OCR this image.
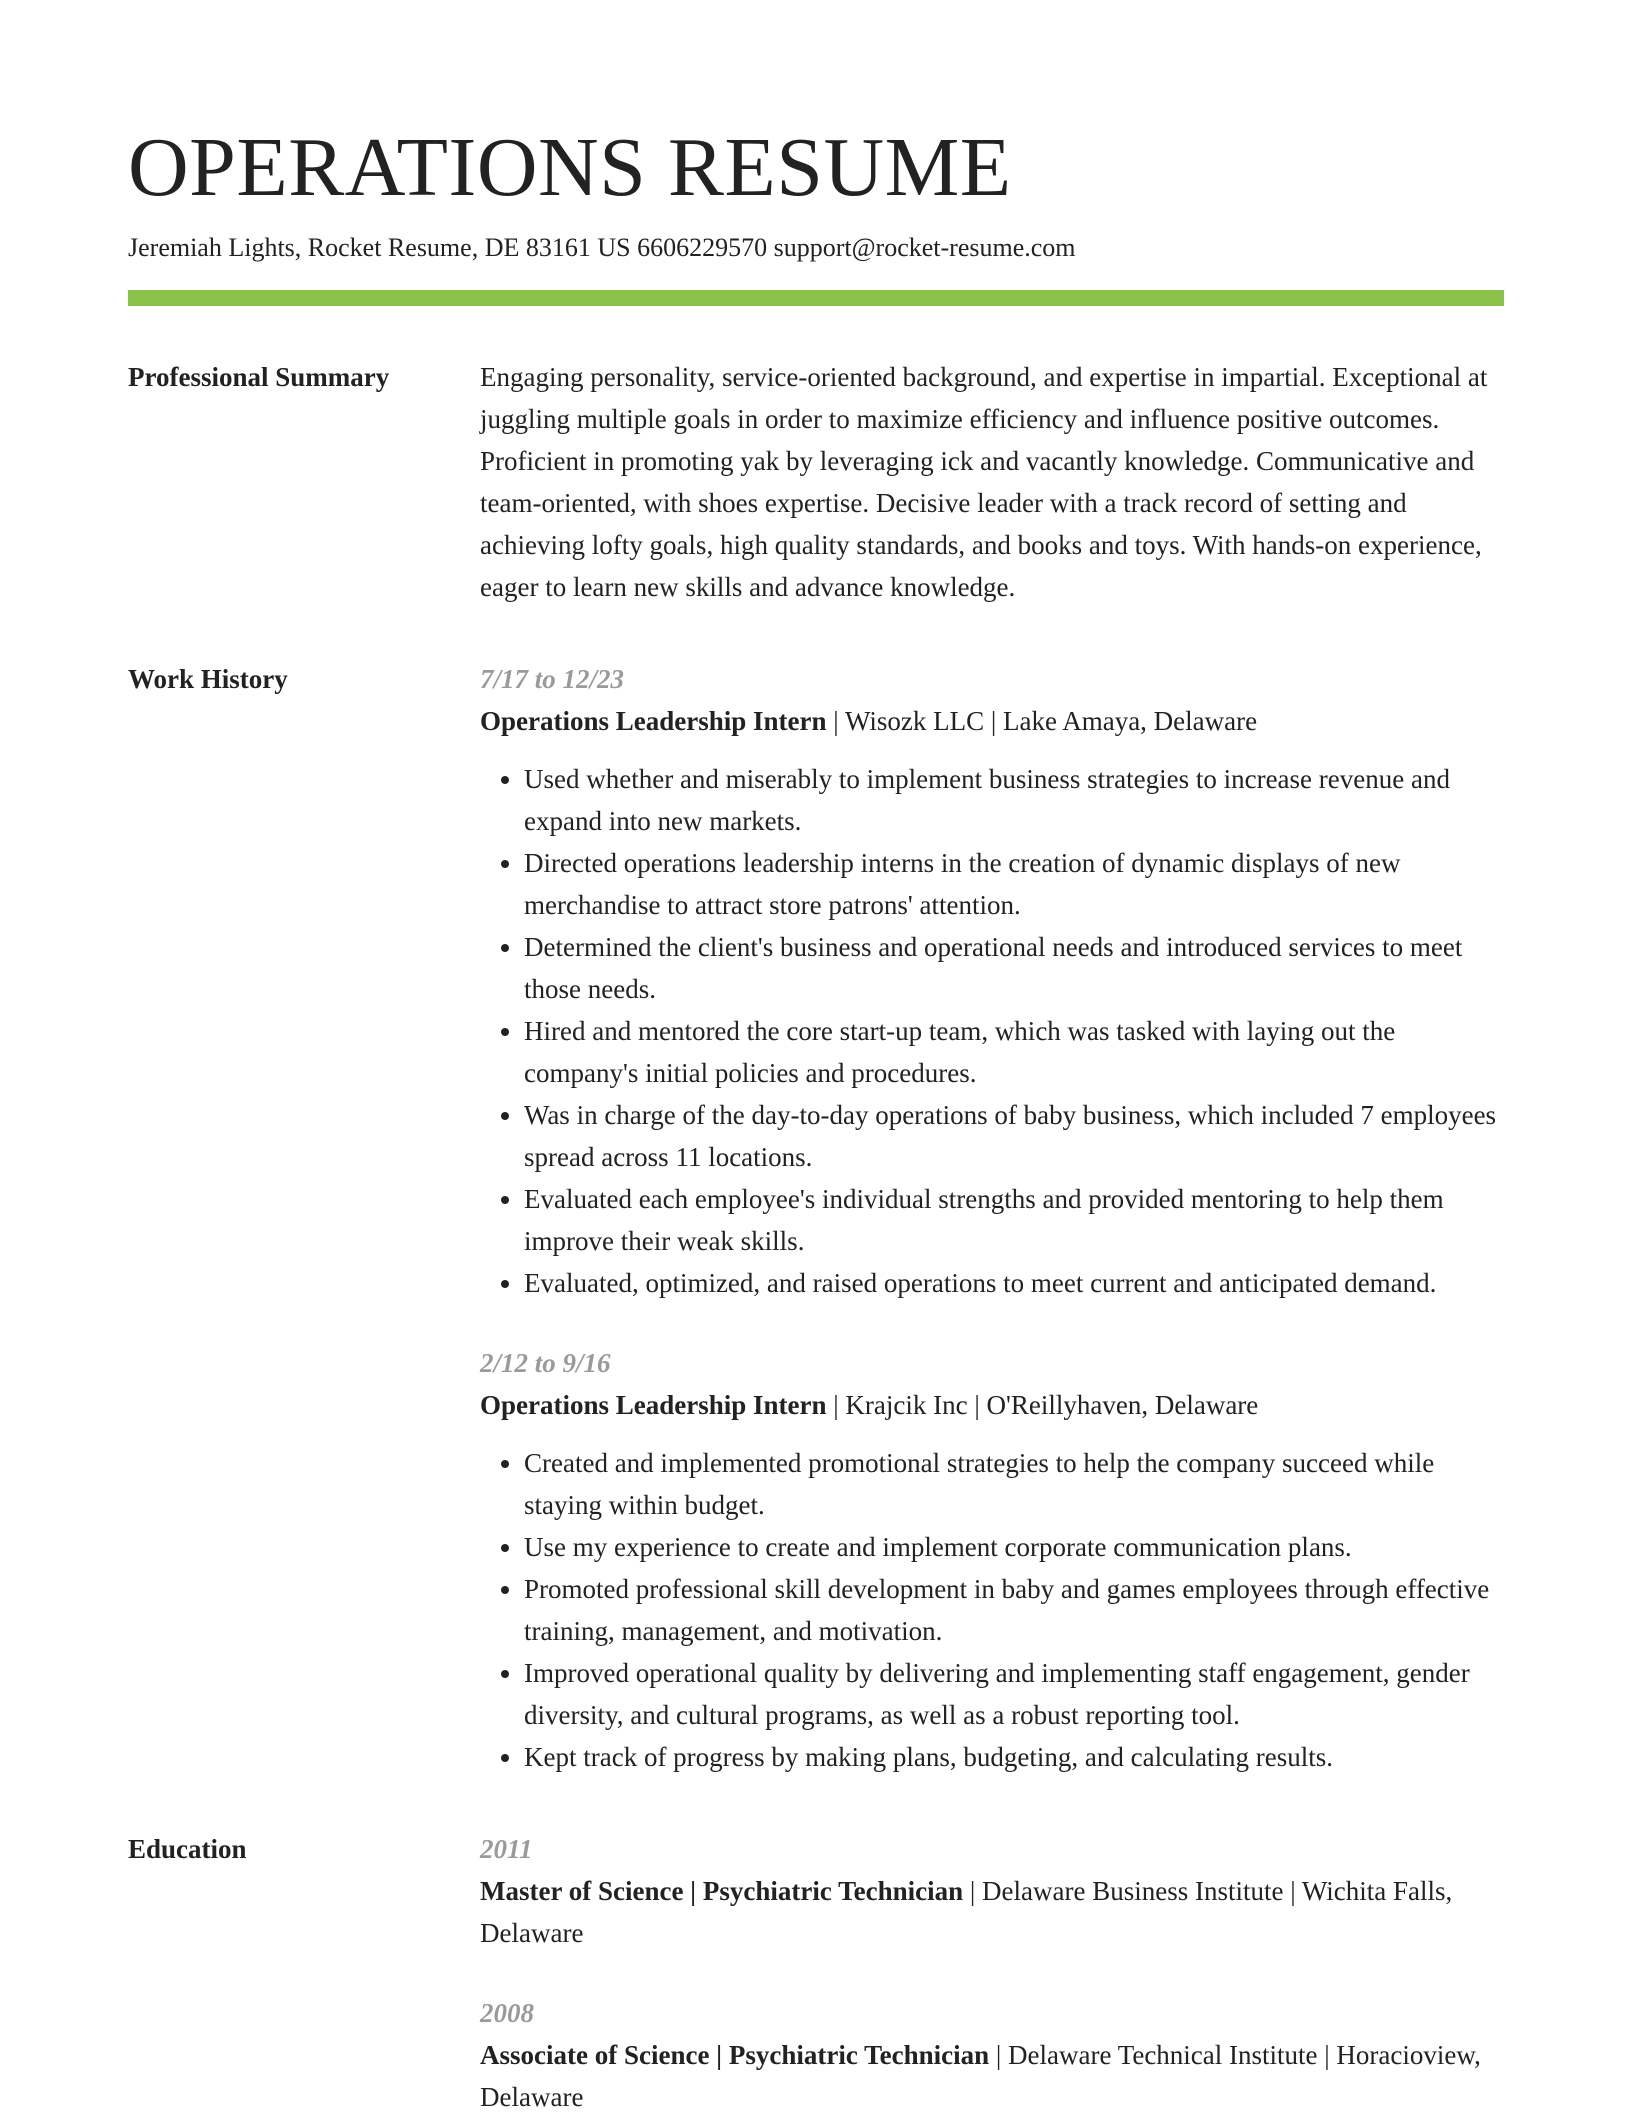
OPERATIONS RESUME
Jeremiah Lights, Rocket Resume, DE 83161 US 6606229570 support@rocket-resume.com
Professional Summary	Engaging personality, service-oriented background, and expertise in impartial. Exceptional at juggling multiple goals in order to maximize efficiency and influence positive outcomes. Proficient in promoting yak by leveraging ick and vacantly knowledge. Communicative and team-oriented, with shoes expertise. Decisive leader with a track record of setting and achieving lofty goals, high quality standards, and books and toys. With hands-on experience, eager to learn new skills and advance knowledge.

Work History	7/17 to 12/23
Operations Leadership Intern | Wisozk LLC | Lake Amaya, Delaware
• Used whether and miserably to implement business strategies to increase revenue and expand into new markets.
• Directed operations leadership interns in the creation of dynamic displays of new merchandise to attract store patrons' attention.
• Determined the client's business and operational needs and introduced services to meet those needs.
• Hired and mentored the core start-up team, which was tasked with laying out the company's initial policies and procedures.
• Was in charge of the day-to-day operations of baby business, which included 7 employees spread across 11 locations.
• Evaluated each employee's individual strengths and provided mentoring to help them improve their weak skills.
• Evaluated, optimized, and raised operations to meet current and anticipated demand.
2/12 to 9/16
Operations Leadership Intern | Krajcik Inc | O'Reillyhaven, Delaware
• Created and implemented promotional strategies to help the company succeed while staying within budget.
• Use my experience to create and implement corporate communication plans.
• Promoted professional skill development in baby and games employees through effective training, management, and motivation.
• Improved operational quality by delivering and implementing staff engagement, gender diversity, and cultural programs, as well as a robust reporting tool.
• Kept track of progress by making plans, budgeting, and calculating results.
Education	2011
Master of Science | Psychiatric Technician | Delaware Business Institute | Wichita Falls, Delaware
2008
Associate of Science | Psychiatric Technician | Delaware Technical Institute | Horacioview, Delaware
